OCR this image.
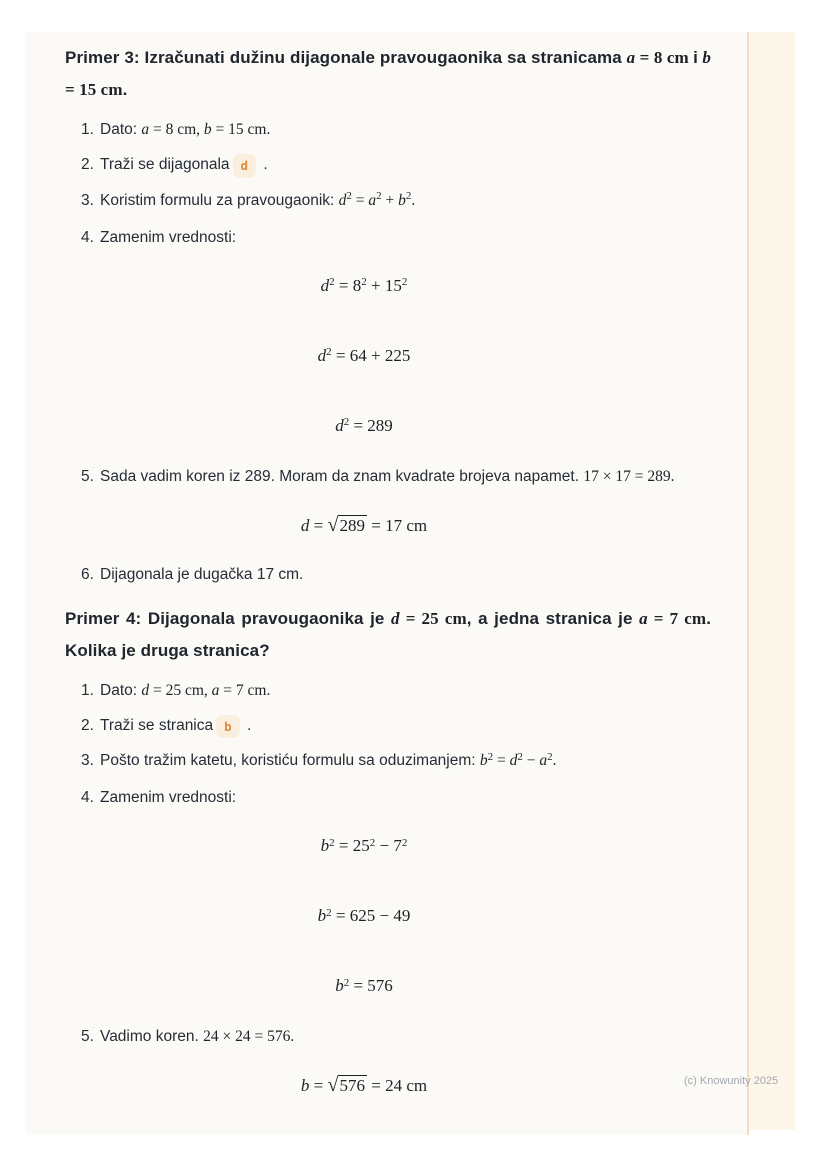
Primer 3: Izračunati dužinu dijagonale pravougaonika sa stranicama a = 8 cm i b = 15 cm.
1. Dato: a = 8 cm, b = 15 cm.
2. Traži se dijagonala d .
3. Koristim formulu za pravougaonik: $d^2 = a^2 + b^2$.
4. Zamenim vrednosti:
$d^2 = 8^2 + 15^2$
$d^2 = 64 + 225$
$d^2 = 289$
5. Sada vadim koren iz 289. Moram da znam kvadrate brojeva napamet. 17 × 17 = 289.
d = √289 = 17 cm
6. Dijagonala je dugačka 17 cm.
Primer 4: Dijagonala pravougaonika je d = 25 cm, a jedna stranica je a = 7 cm. Kolika je druga stranica?
1. Dato: d = 25 cm, a = 7 cm.
2. Traži se stranica b .
3. Pošto tražim katetu, koristiću formulu sa oduzimanjem: $b^2 = d^2 - a^2$.
4. Zamenim vrednosti:
$b^2 = 25^2 - 7^2$
$b^2 = 625 - 49$
$b^2 = 576$
5. Vadimo koren. 24 × 24 = 576.
b = √576 = 24 cm	(c) Knowunity 2025
